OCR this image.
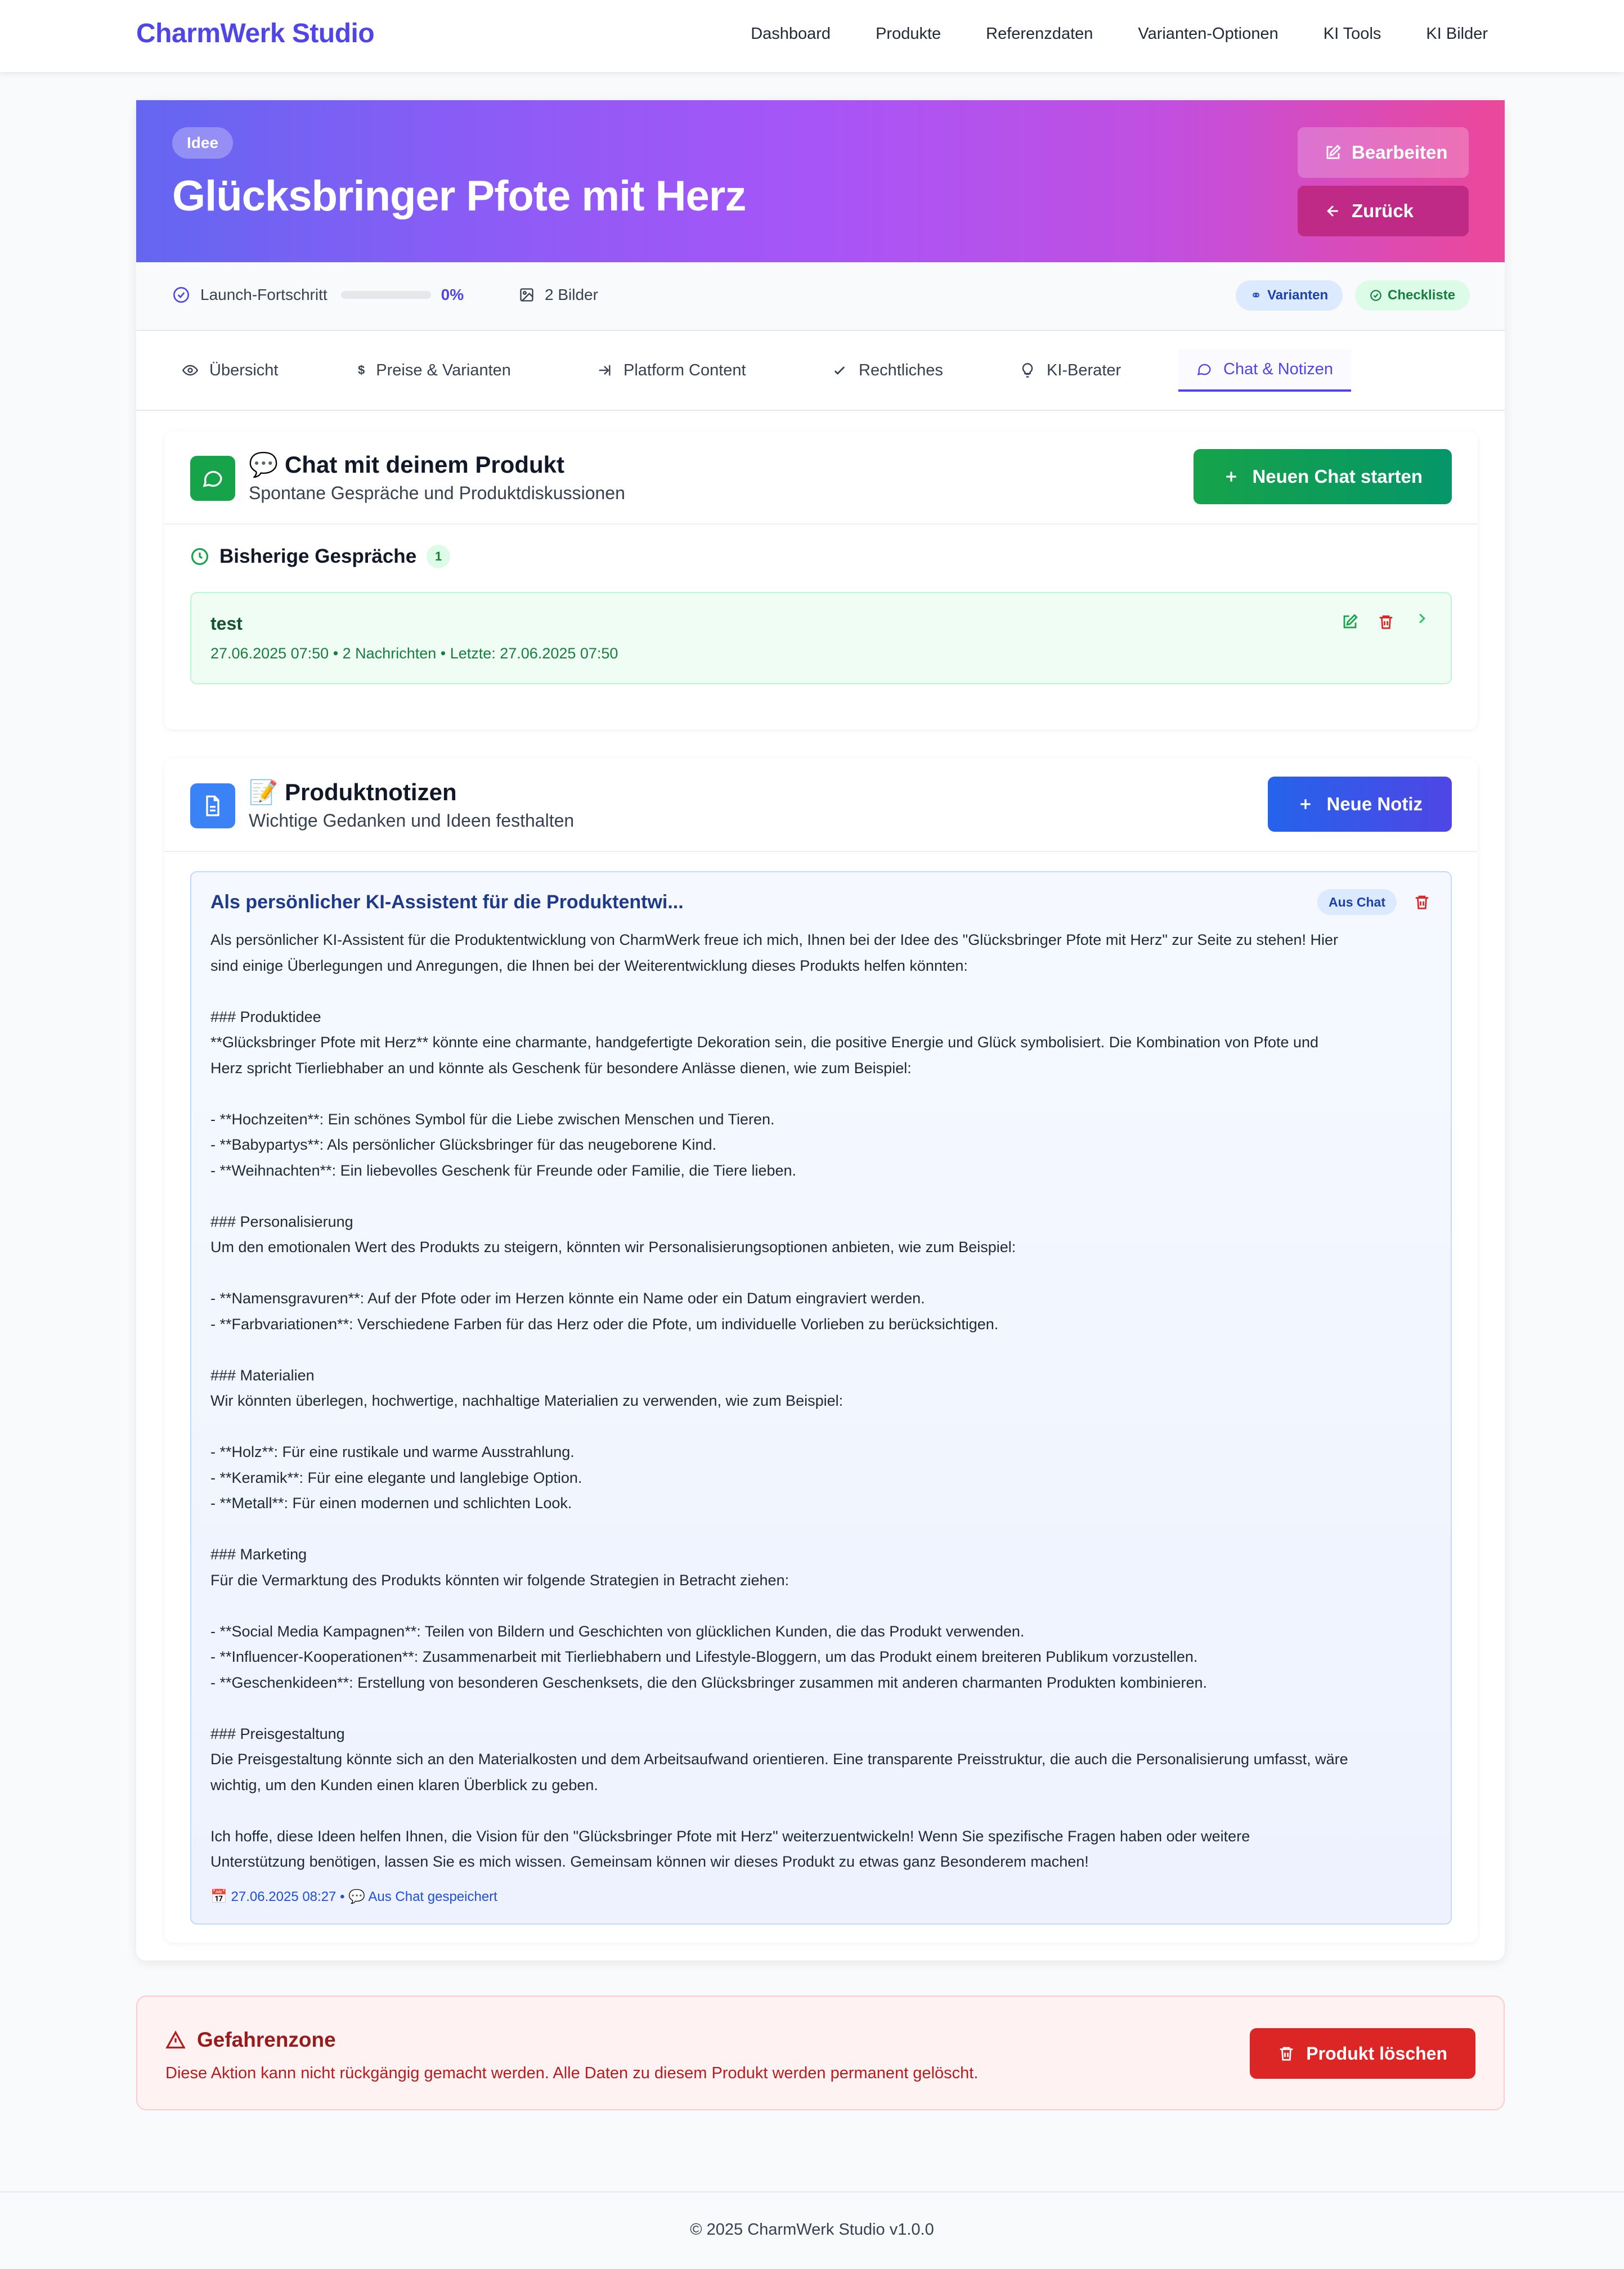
CharmWerk Studio	Dashboard	Produkte	Referenzdaten	Varianten-Optionen	KI Tools	KI Bilder
Idee
Glücksbringer Pfote mit Herz
Bearbeiten
Zurück
Launch-Fortschritt	0%	2 Bilder	⚭ Varianten	Checkliste
Übersicht	$ Preise & Varianten	Platform Content	Rechtliches	KI-Berater	Chat & Notizen
💬 Chat mit deinem Produkt
Spontane Gespräche und Produktdiskussionen
Neuen Chat starten
Bisherige Gespräche	1
test
27.06.2025 07:50 • 2 Nachrichten • Letzte: 27.06.2025 07:50
📝 Produktnotizen
Wichtige Gedanken und Ideen festhalten
Neue Notiz
Als persönlicher KI-Assistent für die Produktentwi...	Aus Chat
Als persönlicher KI-Assistent für die Produktentwicklung von CharmWerk freue ich mich, Ihnen bei der Idee des "Glücksbringer Pfote mit Herz" zur Seite zu stehen! Hier
sind einige Überlegungen und Anregungen, die Ihnen bei der Weiterentwicklung dieses Produkts helfen könnten:
### Produktidee
**Glücksbringer Pfote mit Herz** könnte eine charmante, handgefertigte Dekoration sein, die positive Energie und Glück symbolisiert. Die Kombination von Pfote und
Herz spricht Tierliebhaber an und könnte als Geschenk für besondere Anlässe dienen, wie zum Beispiel:
- **Hochzeiten**: Ein schönes Symbol für die Liebe zwischen Menschen und Tieren.
- **Babypartys**: Als persönlicher Glücksbringer für das neugeborene Kind.
- **Weihnachten**: Ein liebevolles Geschenk für Freunde oder Familie, die Tiere lieben.
### Personalisierung
Um den emotionalen Wert des Produkts zu steigern, könnten wir Personalisierungsoptionen anbieten, wie zum Beispiel:
- **Namensgravuren**: Auf der Pfote oder im Herzen könnte ein Name oder ein Datum eingraviert werden.
- **Farbvariationen**: Verschiedene Farben für das Herz oder die Pfote, um individuelle Vorlieben zu berücksichtigen.
### Materialien
Wir könnten überlegen, hochwertige, nachhaltige Materialien zu verwenden, wie zum Beispiel:
- **Holz**: Für eine rustikale und warme Ausstrahlung.
- **Keramik**: Für eine elegante und langlebige Option.
- **Metall**: Für einen modernen und schlichten Look.
### Marketing
Für die Vermarktung des Produkts könnten wir folgende Strategien in Betracht ziehen:
- **Social Media Kampagnen**: Teilen von Bildern und Geschichten von glücklichen Kunden, die das Produkt verwenden.
- **Influencer-Kooperationen**: Zusammenarbeit mit Tierliebhabern und Lifestyle-Bloggern, um das Produkt einem breiteren Publikum vorzustellen.
- **Geschenkideen**: Erstellung von besonderen Geschenksets, die den Glücksbringer zusammen mit anderen charmanten Produkten kombinieren.
### Preisgestaltung
Die Preisgestaltung könnte sich an den Materialkosten und dem Arbeitsaufwand orientieren. Eine transparente Preisstruktur, die auch die Personalisierung umfasst, wäre
wichtig, um den Kunden einen klaren Überblick zu geben.
Ich hoffe, diese Ideen helfen Ihnen, die Vision für den "Glücksbringer Pfote mit Herz" weiterzuentwickeln! Wenn Sie spezifische Fragen haben oder weitere
Unterstützung benötigen, lassen Sie es mich wissen. Gemeinsam können wir dieses Produkt zu etwas ganz Besonderem machen!
📅 27.06.2025 08:27 • 💬 Aus Chat gespeichert
Gefahrenzone
Diese Aktion kann nicht rückgängig gemacht werden. Alle Daten zu diesem Produkt werden permanent gelöscht.
Produkt löschen
© 2025 CharmWerk Studio v1.0.0
